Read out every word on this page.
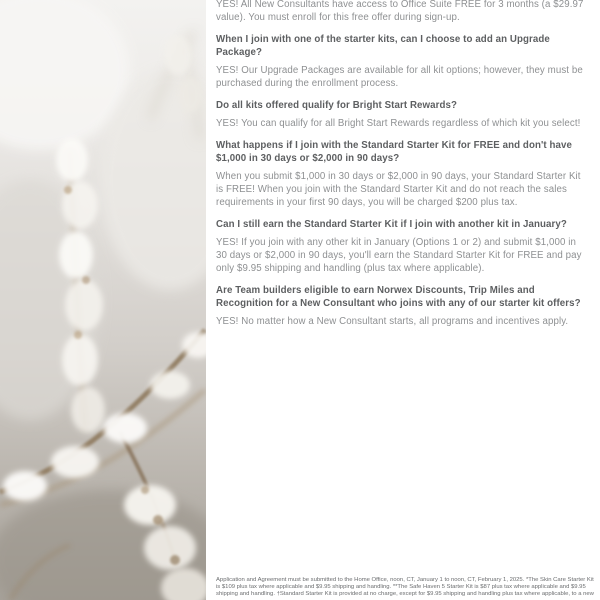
YES! All New Consultants have access to Office Suite FREE for 3 months (a $29.97 value). You must enroll for this free offer during sign-up.

When I join with one of the starter kits, can I choose to add an Upgrade Package?

YES! Our Upgrade Packages are available for all kit options; however, they must be purchased during the enrollment process.

Do all kits offered qualify for Bright Start Rewards?

YES! You can qualify for all Bright Start Rewards regardless of which kit you select!

What happens if I join with the Standard Starter Kit for FREE and don't have $1,000 in 30 days or $2,000 in 90 days?

When you submit $1,000 in 30 days or $2,000 in 90 days, your Standard Starter Kit is FREE! When you join with the Standard Starter Kit and do not reach the sales requirements in your first 90 days, you will be charged $200 plus tax.

Can I still earn the Standard Starter Kit if I join with another kit in January?

YES! If you join with any other kit in January (Options 1 or 2) and submit $1,000 in 30 days or $2,000 in 90 days, you'll earn the Standard Starter Kit for FREE and pay only $9.95 shipping and handling (plus tax where applicable).

Are Team builders eligible to earn Norwex Discounts, Trip Miles and Recognition for a New Consultant who joins with any of our starter kit offers?

YES! No matter how a New Consultant starts, all programs and incentives apply.

Application and Agreement must be submitted to the Home Office, noon, CT, January 1 to noon, CT, February 1, 2025. *The Skin Care Starter Kit
is $109 plus tax where applicable and $9.95 shipping and handling. **The Safe Haven 5 Starter Kit is $87 plus tax where applicable and $9.95
shipping and handling. †Standard Starter Kit is provided at no charge, except for $9.95 shipping and handling plus tax where applicable, to a new
